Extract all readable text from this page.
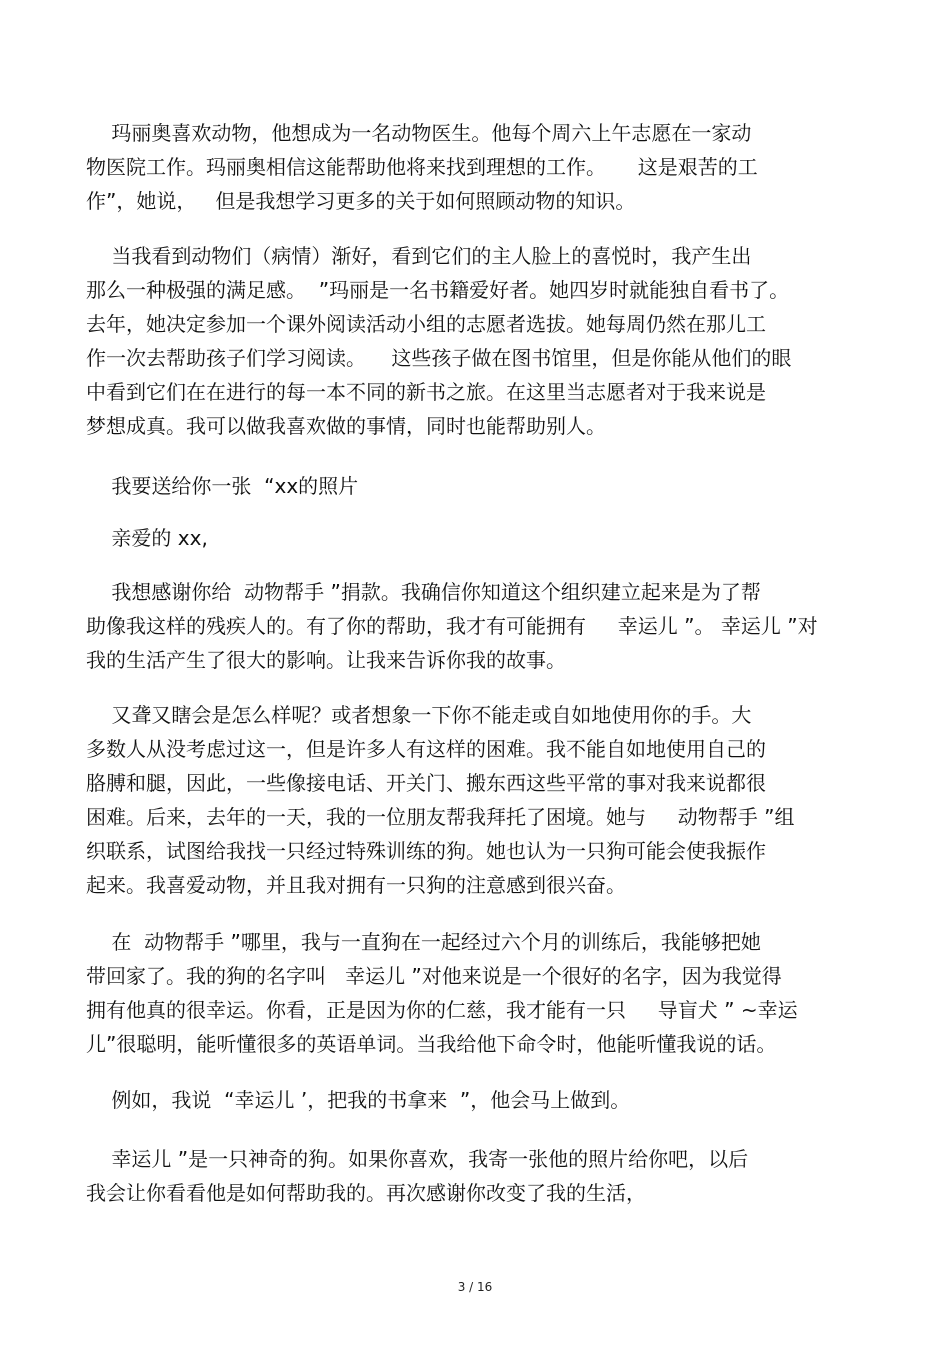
玛丽奥喜欢动物，他想成为一名动物医生。他每个周六上午志愿在一家动
物医院工作。玛丽奥相信这能帮助他将来找到理想的工作。     这是艰苦的工
作”，她说，   但是我想学习更多的关于如何照顾动物的知识。
当我看到动物们（病情）渐好，看到它们的主人脸上的喜悦时，我产生出
那么一种极强的满足感。  ”玛丽是一名书籍爱好者。她四岁时就能独自看书了。
去年，她决定参加一个课外阅读活动小组的志愿者选拔。她每周仍然在那儿工
作一次去帮助孩子们学习阅读。    这些孩子做在图书馆里，但是你能从他们的眼
中看到它们在在进行的每一本不同的新书之旅。在这里当志愿者对于我来说是
梦想成真。我可以做我喜欢做的事情，同时也能帮助别人。
我要送给你一张  “xx的照片
亲爱的 xx,
我想感谢你给  动物帮手 ”捐款。我确信你知道这个组织建立起来是为了帮
助像我这样的残疾人的。有了你的帮助，我才有可能拥有     幸运儿 ”。 幸运儿 ”对
我的生活产生了很大的影响。让我来告诉你我的故事。
又聋又瞎会是怎么样呢？或者想象一下你不能走或自如地使用你的手。大
多数人从没考虑过这一，但是许多人有这样的困难。我不能自如地使用自己的
胳膊和腿，因此，一些像接电话、开关门、搬东西这些平常的事对我来说都很
困难。后来，去年的一天，我的一位朋友帮我拜托了困境。她与     动物帮手 ”组
织联系，试图给我找一只经过特殊训练的狗。她也认为一只狗可能会使我振作
起来。我喜爱动物，并且我对拥有一只狗的注意感到很兴奋。
在  动物帮手 ”哪里，我与一直狗在一起经过六个月的训练后，我能够把她
带回家了。我的狗的名字叫   幸运儿 ”对他来说是一个很好的名字，因为我觉得
拥有他真的很幸运。你看，正是因为你的仁慈，我才能有一只     导盲犬 ” ~幸运
儿”很聪明，能听懂很多的英语单词。当我给他下命令时，他能听懂我说的话。
例如，我说  “幸运儿 ’，把我的书拿来  ”，他会马上做到。
幸运儿 ”是一只神奇的狗。如果你喜欢，我寄一张他的照片给你吧，以后
我会让你看看他是如何帮助我的。再次感谢你改变了我的生活，
3 / 16
